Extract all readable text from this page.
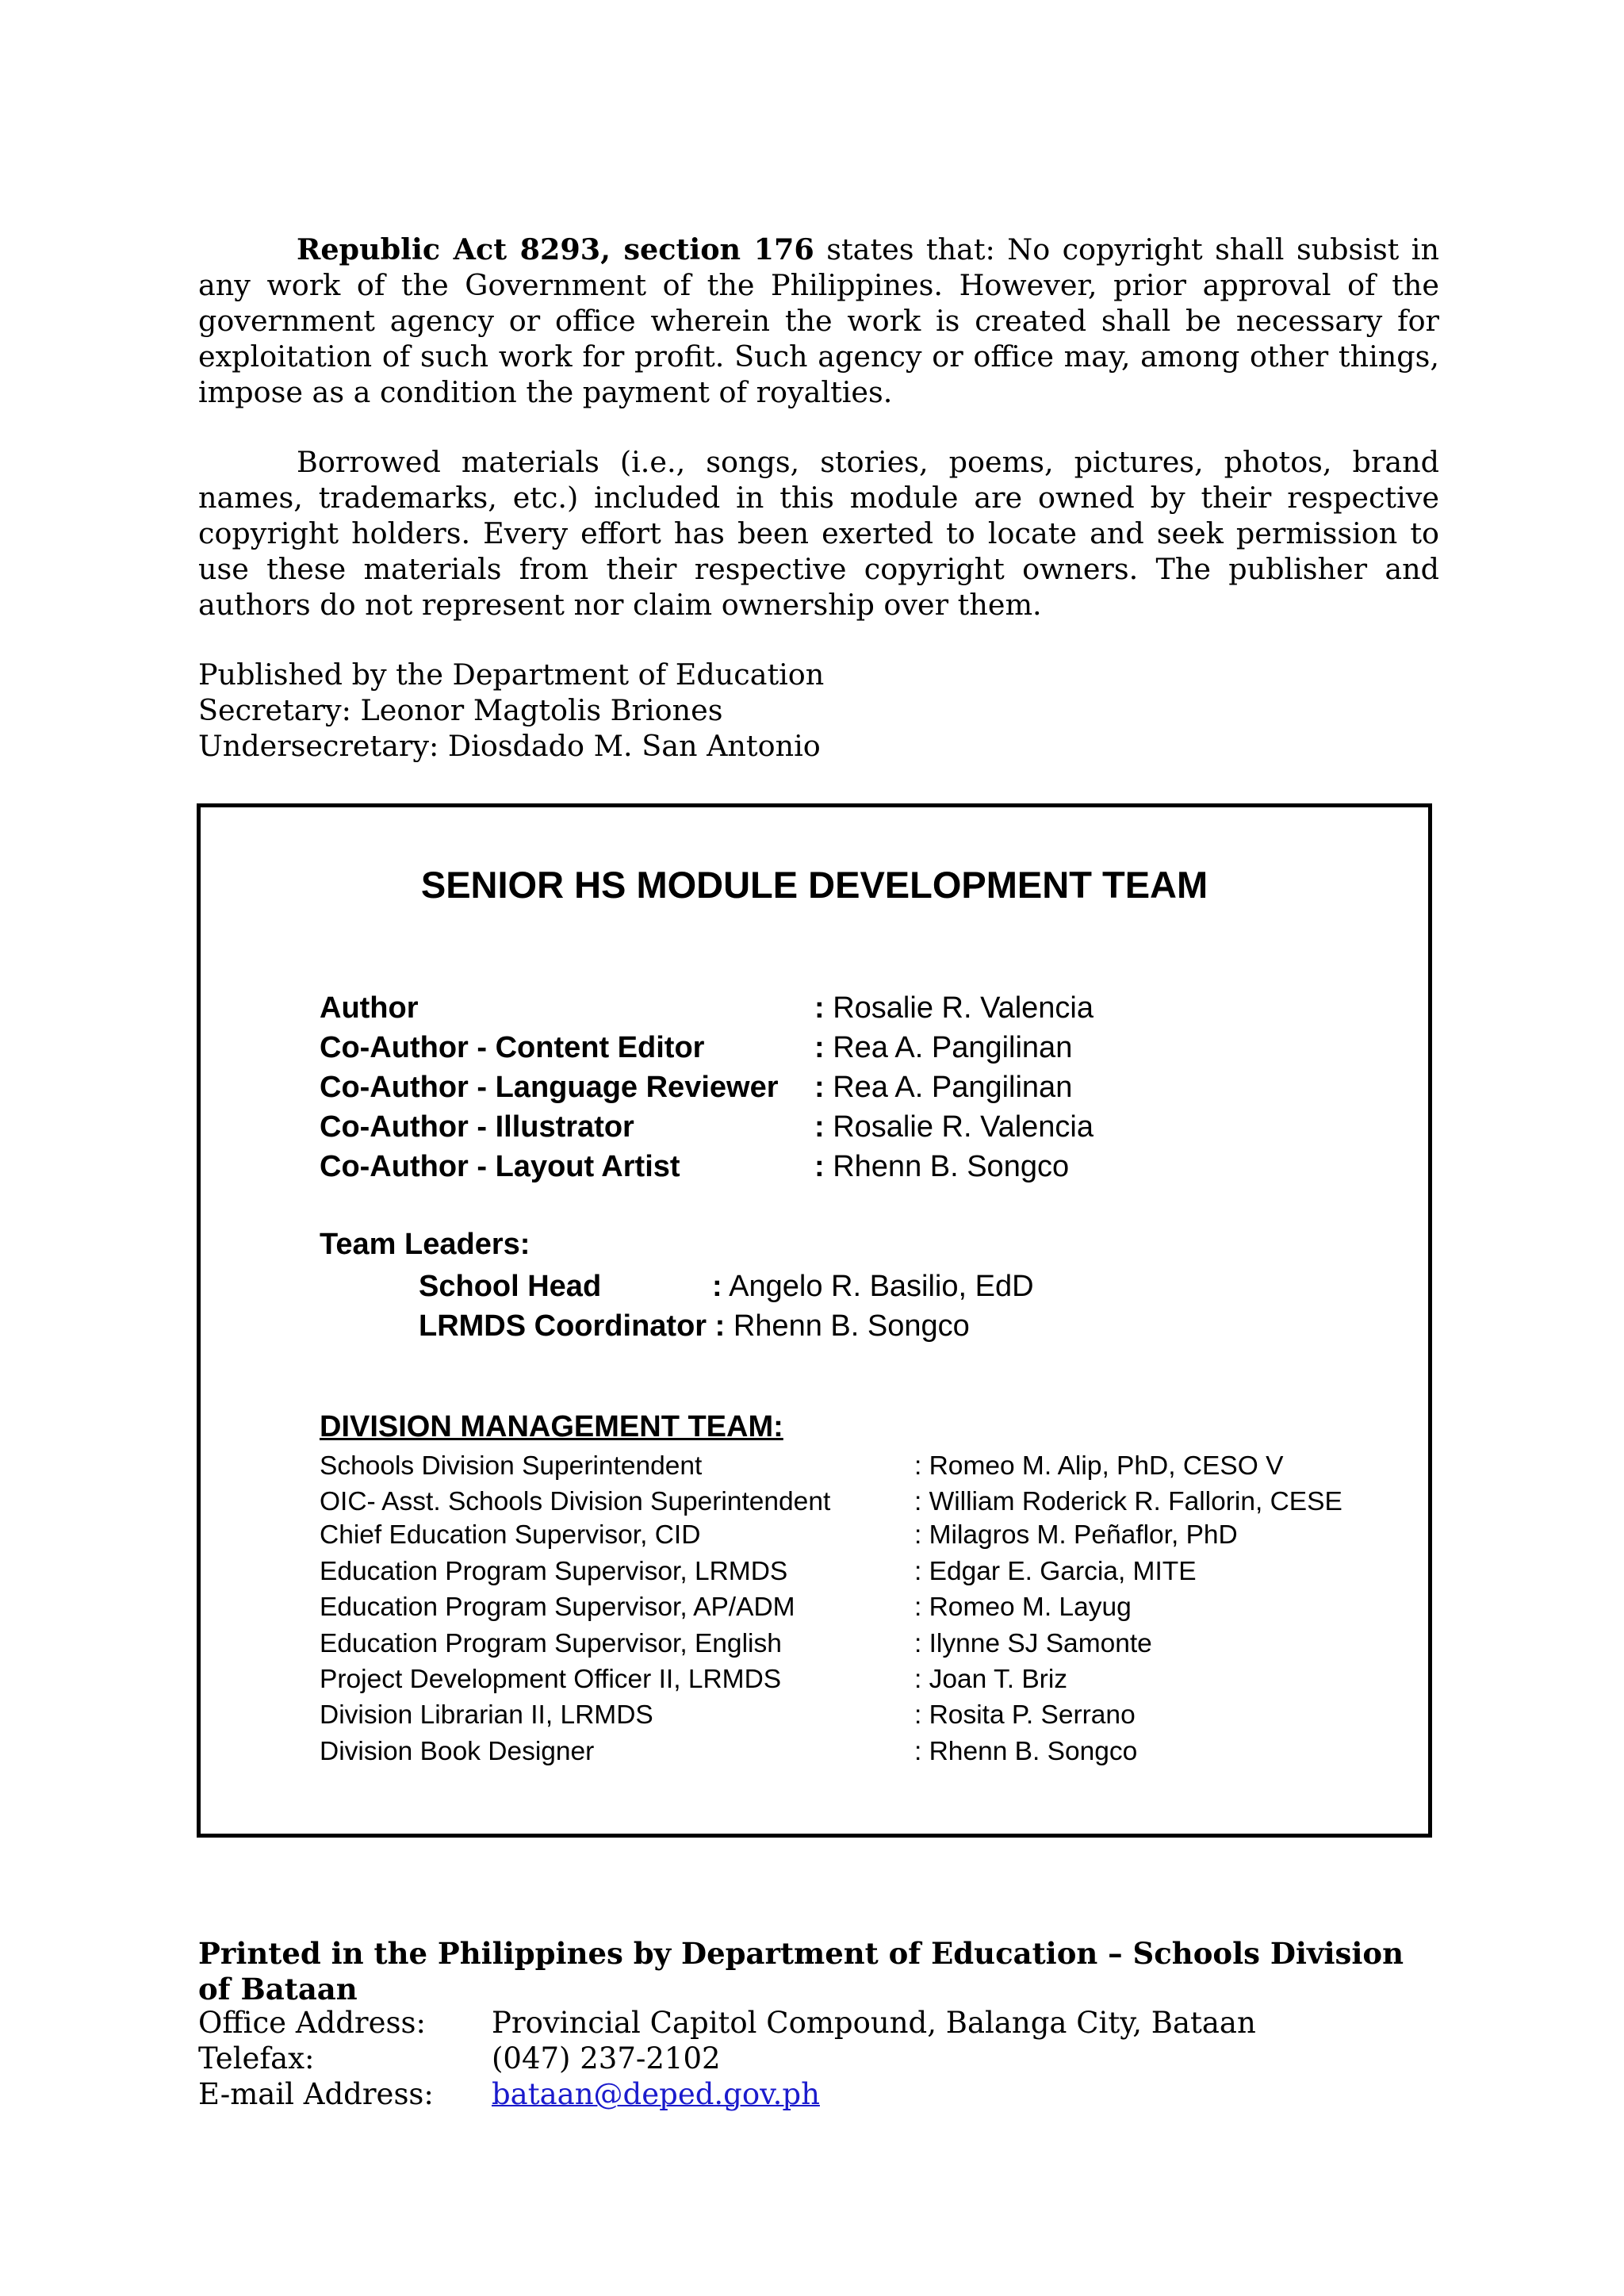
Republic Act 8293, section 176 states that: No copyright shall subsist in any work of the Government of the Philippines. However, prior approval of the government agency or office wherein the work is created shall be necessary for exploitation of such work for profit. Such agency or office may, among other things, impose as a condition the payment of royalties.

Borrowed materials (i.e., songs, stories, poems, pictures, photos, brand names, trademarks, etc.) included in this module are owned by their respective copyright holders. Every effort has been exerted to locate and seek permission to use these materials from their respective copyright owners. The publisher and authors do not represent nor claim ownership over them.

Published by the Department of Education
Secretary: Leonor Magtolis Briones
Undersecretary: Diosdado M. San Antonio
SENIOR HS MODULE DEVELOPMENT TEAM
Author	: Rosalie R. Valencia
Co-Author - Content Editor	: Rea A. Pangilinan
Co-Author - Language Reviewer : Rea A. Pangilinan
Co-Author - Illustrator	: Rosalie R. Valencia
Co-Author - Layout Artist	: Rhenn B. Songco
Team Leaders:
School Head	: Angelo R. Basilio, EdD
LRMDS Coordinator : Rhenn B. Songco
DIVISION MANAGEMENT TEAM:
Schools Division Superintendent	: Romeo M. Alip, PhD, CESO V
OIC- Asst. Schools Division Superintendent	: William Roderick R. Fallorin, CESE
Chief Education Supervisor, CID	: Milagros M. Peñaflor, PhD
Education Program Supervisor, LRMDS	: Edgar E. Garcia, MITE
Education Program Supervisor, AP/ADM	: Romeo M. Layug
Education Program Supervisor, English	: Ilynne SJ Samonte
Project Development Officer II, LRMDS	: Joan T. Briz
Division Librarian II, LRMDS	: Rosita P. Serrano
Division Book Designer	: Rhenn B. Songco

Printed in the Philippines by Department of Education – Schools Division of Bataan

Office Address: Provincial Capitol Compound, Balanga City, Bataan
Telefax:	(047) 237-2102
E-mail Address: bataan@deped.gov.ph
